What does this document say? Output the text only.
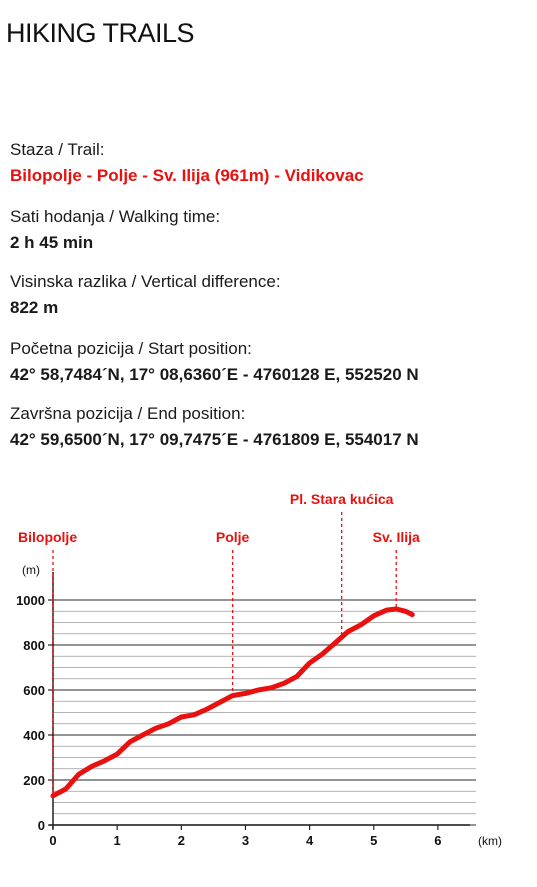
HIKING TRAILS
Staza / Trail:
Bilopolje - Polje - Sv. Ilija (961m) - Vidikovac
Sati hodanja / Walking time:
2 h 45 min
Visinska razlika / Vertical difference:
822 m
Početna pozicija / Start position:
42° 58,7484´N, 17° 08,6360´E - 4760128 E, 552520 N
Završna pozicija / End position:
42° 59,6500´N, 17° 09,7475´E - 4761809 E, 554017 N
0
200
400
600
800
1000
0	1	2	3	4	5	6
(m)
(km)
Bilopolje	Polje
Pl. Stara kućica
Sv. Ilija
